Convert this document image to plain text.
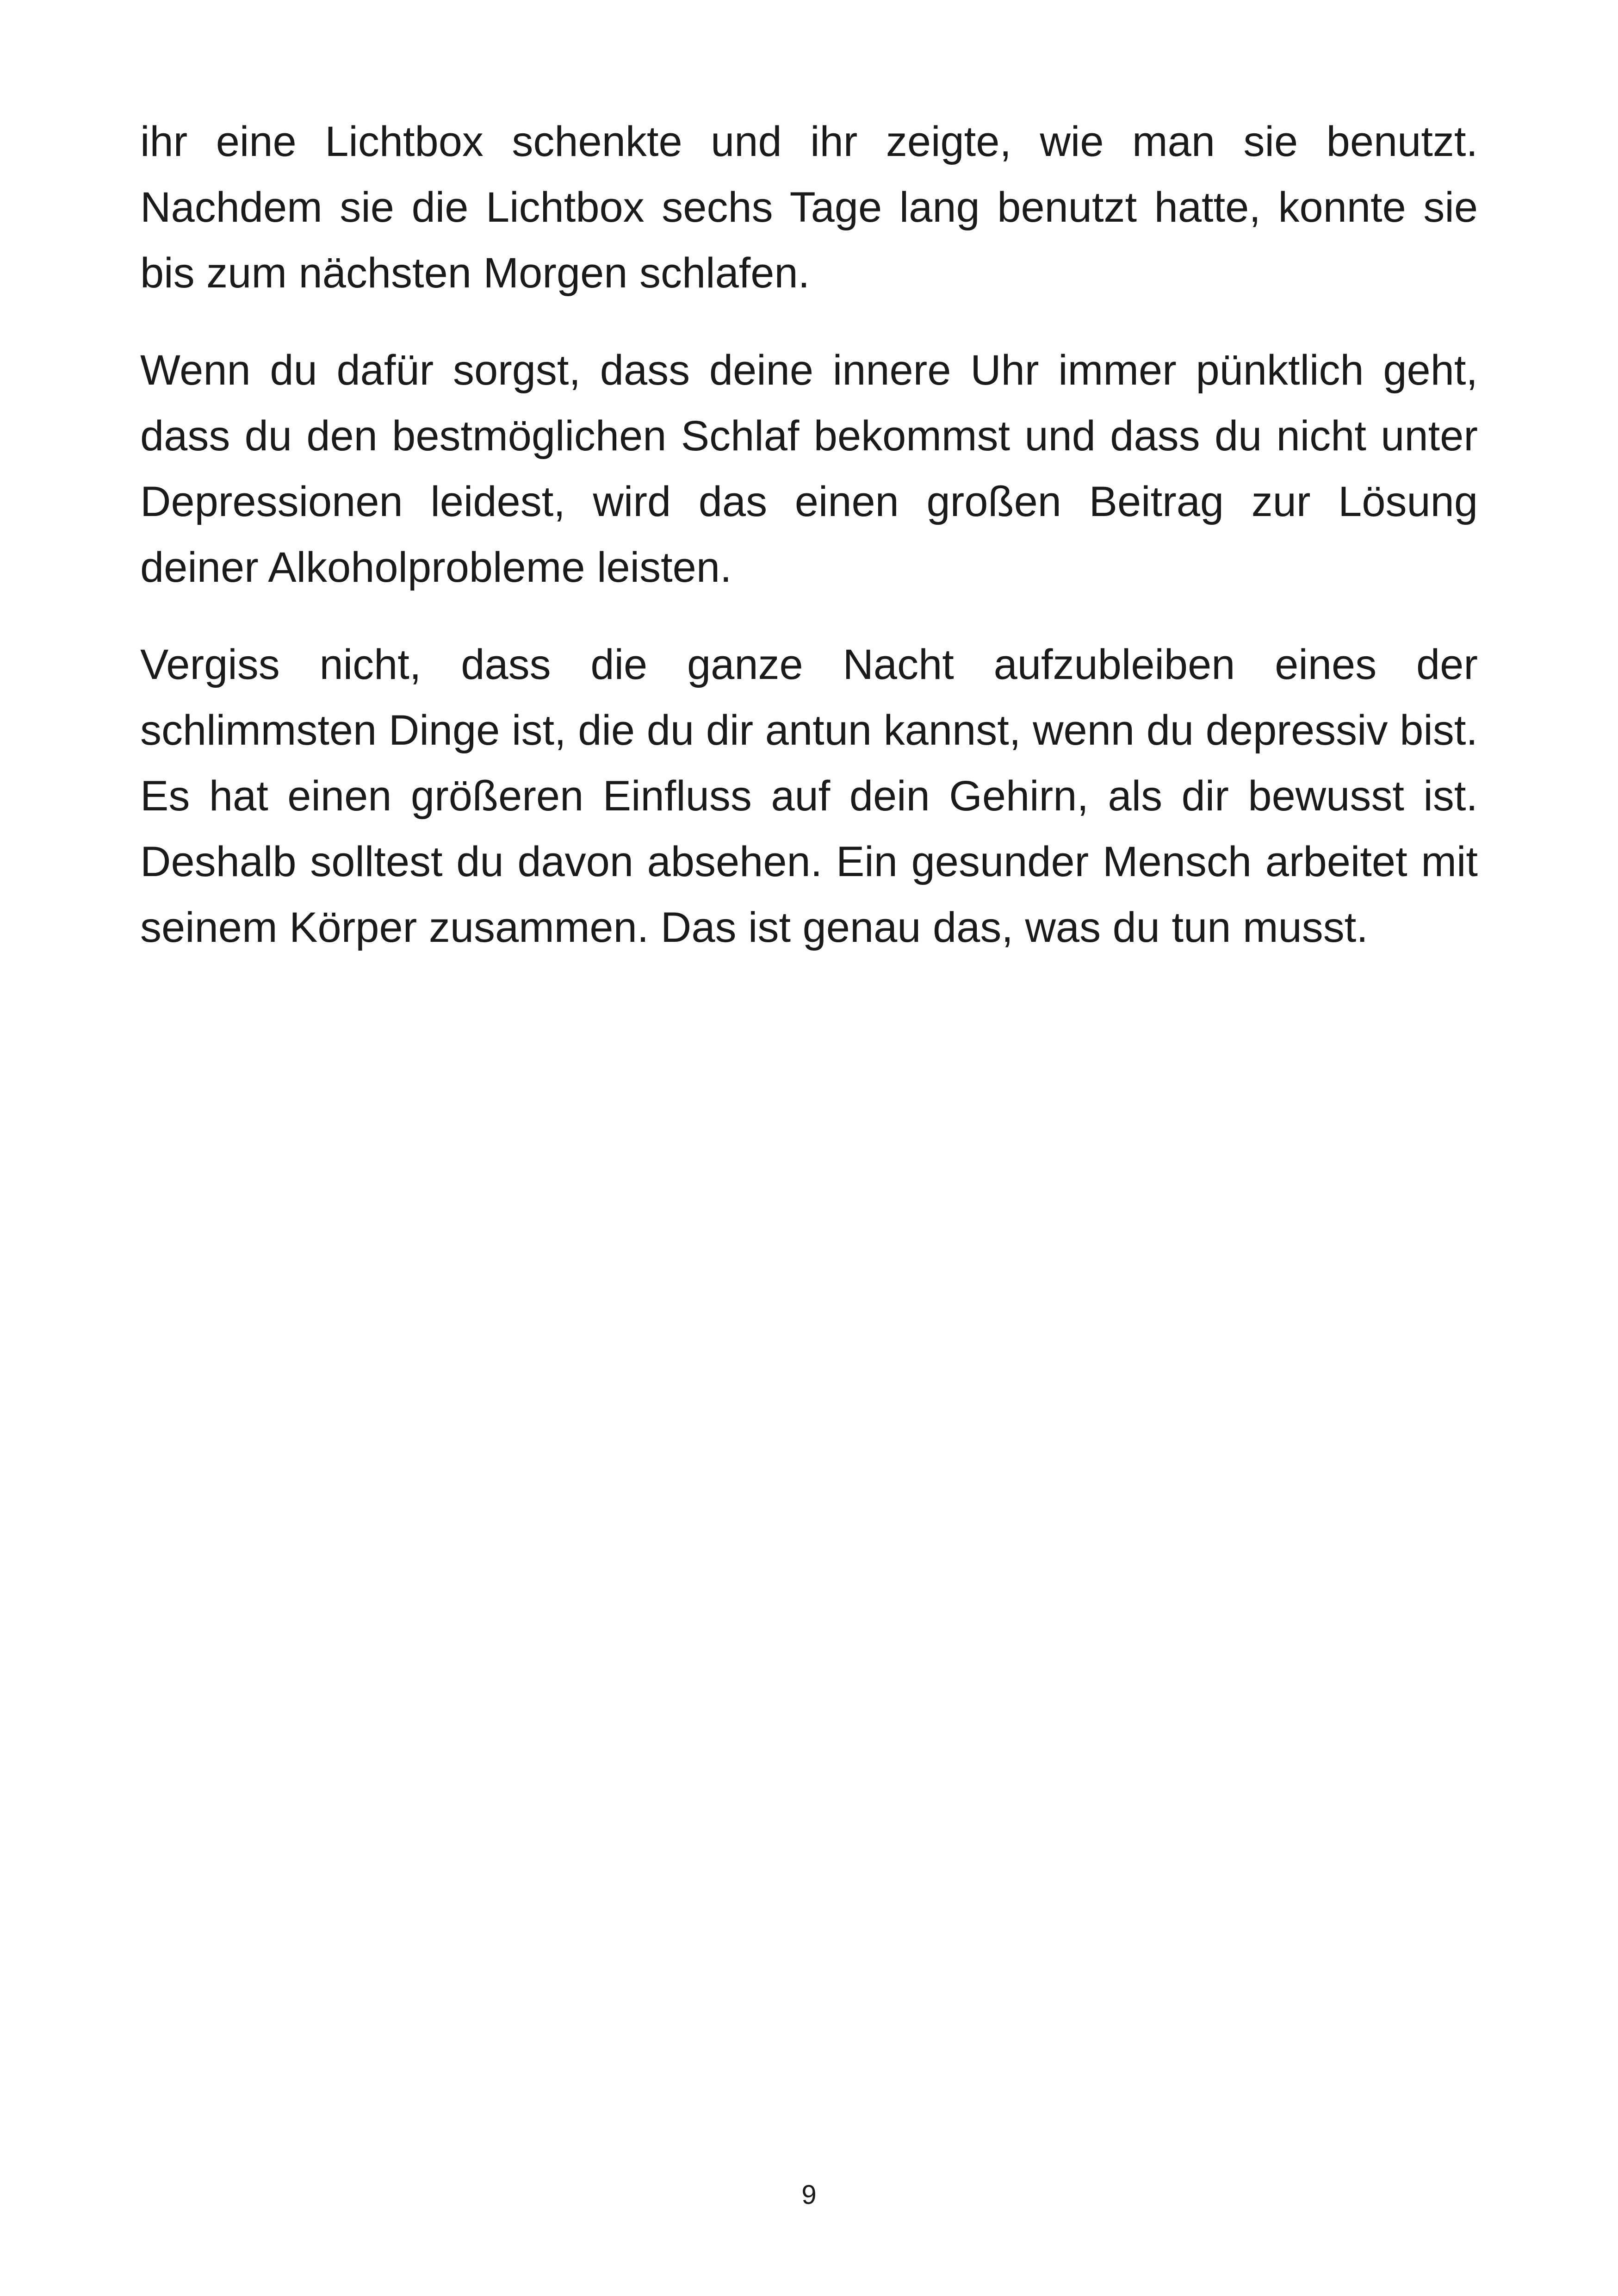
ihr eine Lichtbox schenkte und ihr zeigte, wie man sie benutzt. Nachdem sie die Lichtbox sechs Tage lang benutzt hatte, konnte sie bis zum nächsten Morgen schlafen.

Wenn du dafür sorgst, dass deine innere Uhr immer pünktlich geht, dass du den bestmöglichen Schlaf bekommst und dass du nicht unter Depressionen leidest, wird das einen großen Beitrag zur Lösung deiner Alkoholprobleme leisten.

Vergiss nicht, dass die ganze Nacht aufzubleiben eines der schlimmsten Dinge ist, die du dir antun kannst, wenn du depressiv bist. Es hat einen größeren Einfluss auf dein Gehirn, als dir bewusst ist. Deshalb solltest du davon absehen. Ein gesunder Mensch arbeitet mit seinem Körper zusammen. Das ist genau das, was du tun musst.

9
